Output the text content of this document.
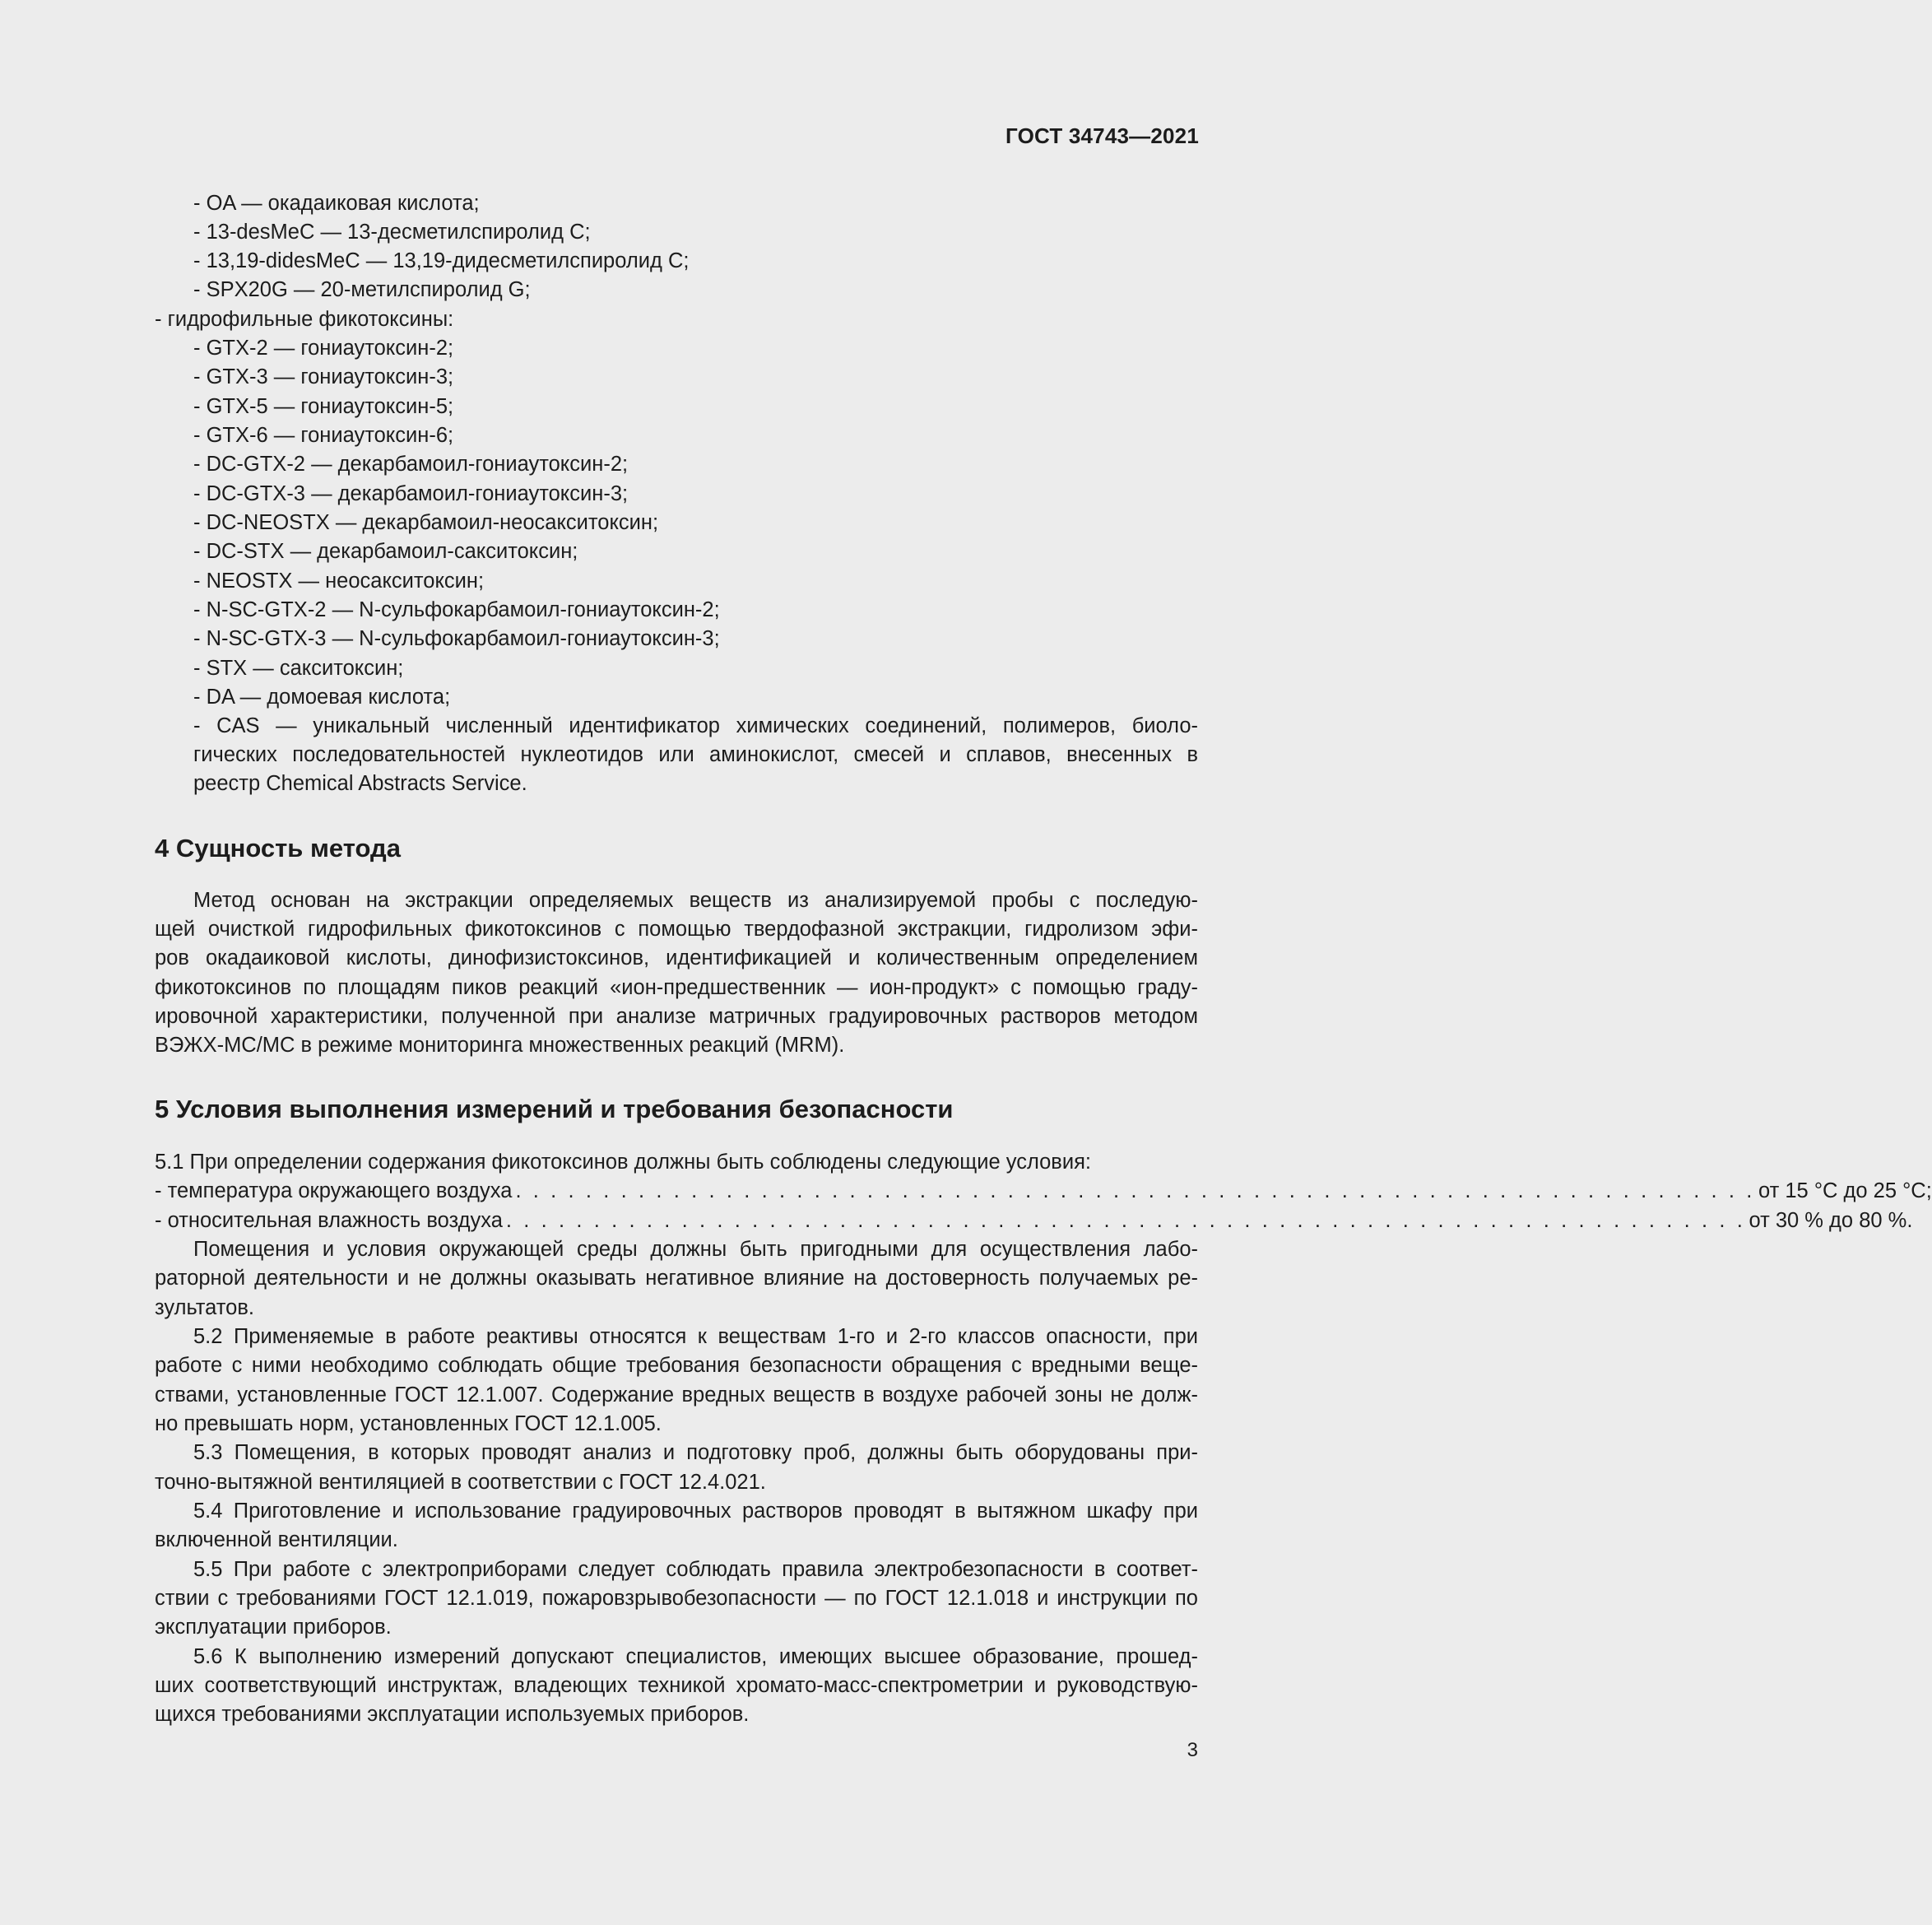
ГОСТ 34743—2021
- OA — окадаиковая кислота;
- 13-desMeC — 13-десметилспиролид C;
- 13,19-didesMeC — 13,19-дидесметилспиролид C;
- SPX20G — 20-метилспиролид G;
- гидрофильные фикотоксины:
- GTX-2 — гониаутоксин-2;
- GTX-3 — гониаутоксин-3;
- GTX-5 — гониаутоксин-5;
- GTX-6 — гониаутоксин-6;
- DC-GTX-2 — декарбамоил-гониаутоксин-2;
- DC-GTX-3 — декарбамоил-гониаутоксин-3;
- DC-NEOSTX — декарбамоил-неосакситоксин;
- DC-STX — декарбамоил-сакситоксин;
- NEOSTX — неосакситоксин;
- N-SC-GTX-2 — N-сульфокарбамоил-гониаутоксин-2;
- N-SC-GTX-3 — N-сульфокарбамоил-гониаутоксин-3;
- STX — сакситоксин;
- DA — домоевая кислота;
- CAS — уникальный численный идентификатор химических соединений, полимеров, биоло-
гических последовательностей нуклеотидов или аминокислот, смесей и сплавов, внесенных в
реестр Chemical Abstracts Service.
4 Сущность метода
Метод основан на экстракции определяемых веществ из анализируемой пробы с последую-
щей очисткой гидрофильных фикотоксинов с помощью твердофазной экстракции, гидролизом эфи-
ров окадаиковой кислоты, динофизистоксинов, идентификацией и количественным определением
фикотоксинов по площадям пиков реакций «ион-предшественник — ион-продукт» с помощью граду-
ировочной характеристики, полученной при анализе матричных градуировочных растворов методом
ВЭЖХ-МС/МС в режиме мониторинга множественных реакций (MRM).
5 Условия выполнения измерений и требования безопасности
5.1 При определении содержания фикотоксинов должны быть соблюдены следующие условия:
- температура окружающего воздуха . . . . . . . . . . . . . . . . . . . . . . . . . . . . . . . . . . . . . . . . . . . . . . . . . . . . . . . . . . . . . . . . . . . . . . . от 15 °C до 25 °C;
- относительная влажность воздуха . . . . . . . . . . . . . . . . . . . . . . . . . . . . . . . . . . . . . . . . . . . . . . . . . . . . . . . . . . . . . . . . . . . . . . . от 30 % до 80 %.
Помещения и условия окружающей среды должны быть пригодными для осуществления лабо-
раторной деятельности и не должны оказывать негативное влияние на достоверность получаемых ре-
зультатов.
5.2 Применяемые в работе реактивы относятся к веществам 1-го и 2-го классов опасности, при
работе с ними необходимо соблюдать общие требования безопасности обращения с вредными веще-
ствами, установленные ГОСТ 12.1.007. Содержание вредных веществ в воздухе рабочей зоны не долж-
но превышать норм, установленных ГОСТ 12.1.005.
5.3 Помещения, в которых проводят анализ и подготовку проб, должны быть оборудованы при-
точно-вытяжной вентиляцией в соответствии с ГОСТ 12.4.021.
5.4 Приготовление и использование градуировочных растворов проводят в вытяжном шкафу при
включенной вентиляции.
5.5 При работе с электроприборами следует соблюдать правила электробезопасности в соответ-
ствии с требованиями ГОСТ 12.1.019, пожаровзрывобезопасности — по ГОСТ 12.1.018 и инструкции по
эксплуатации приборов.
5.6 К выполнению измерений допускают специалистов, имеющих высшее образование, прошед-
ших соответствующий инструктаж, владеющих техникой хромато-масс-спектрометрии и руководствую-
щихся требованиями эксплуатации используемых приборов.
3
